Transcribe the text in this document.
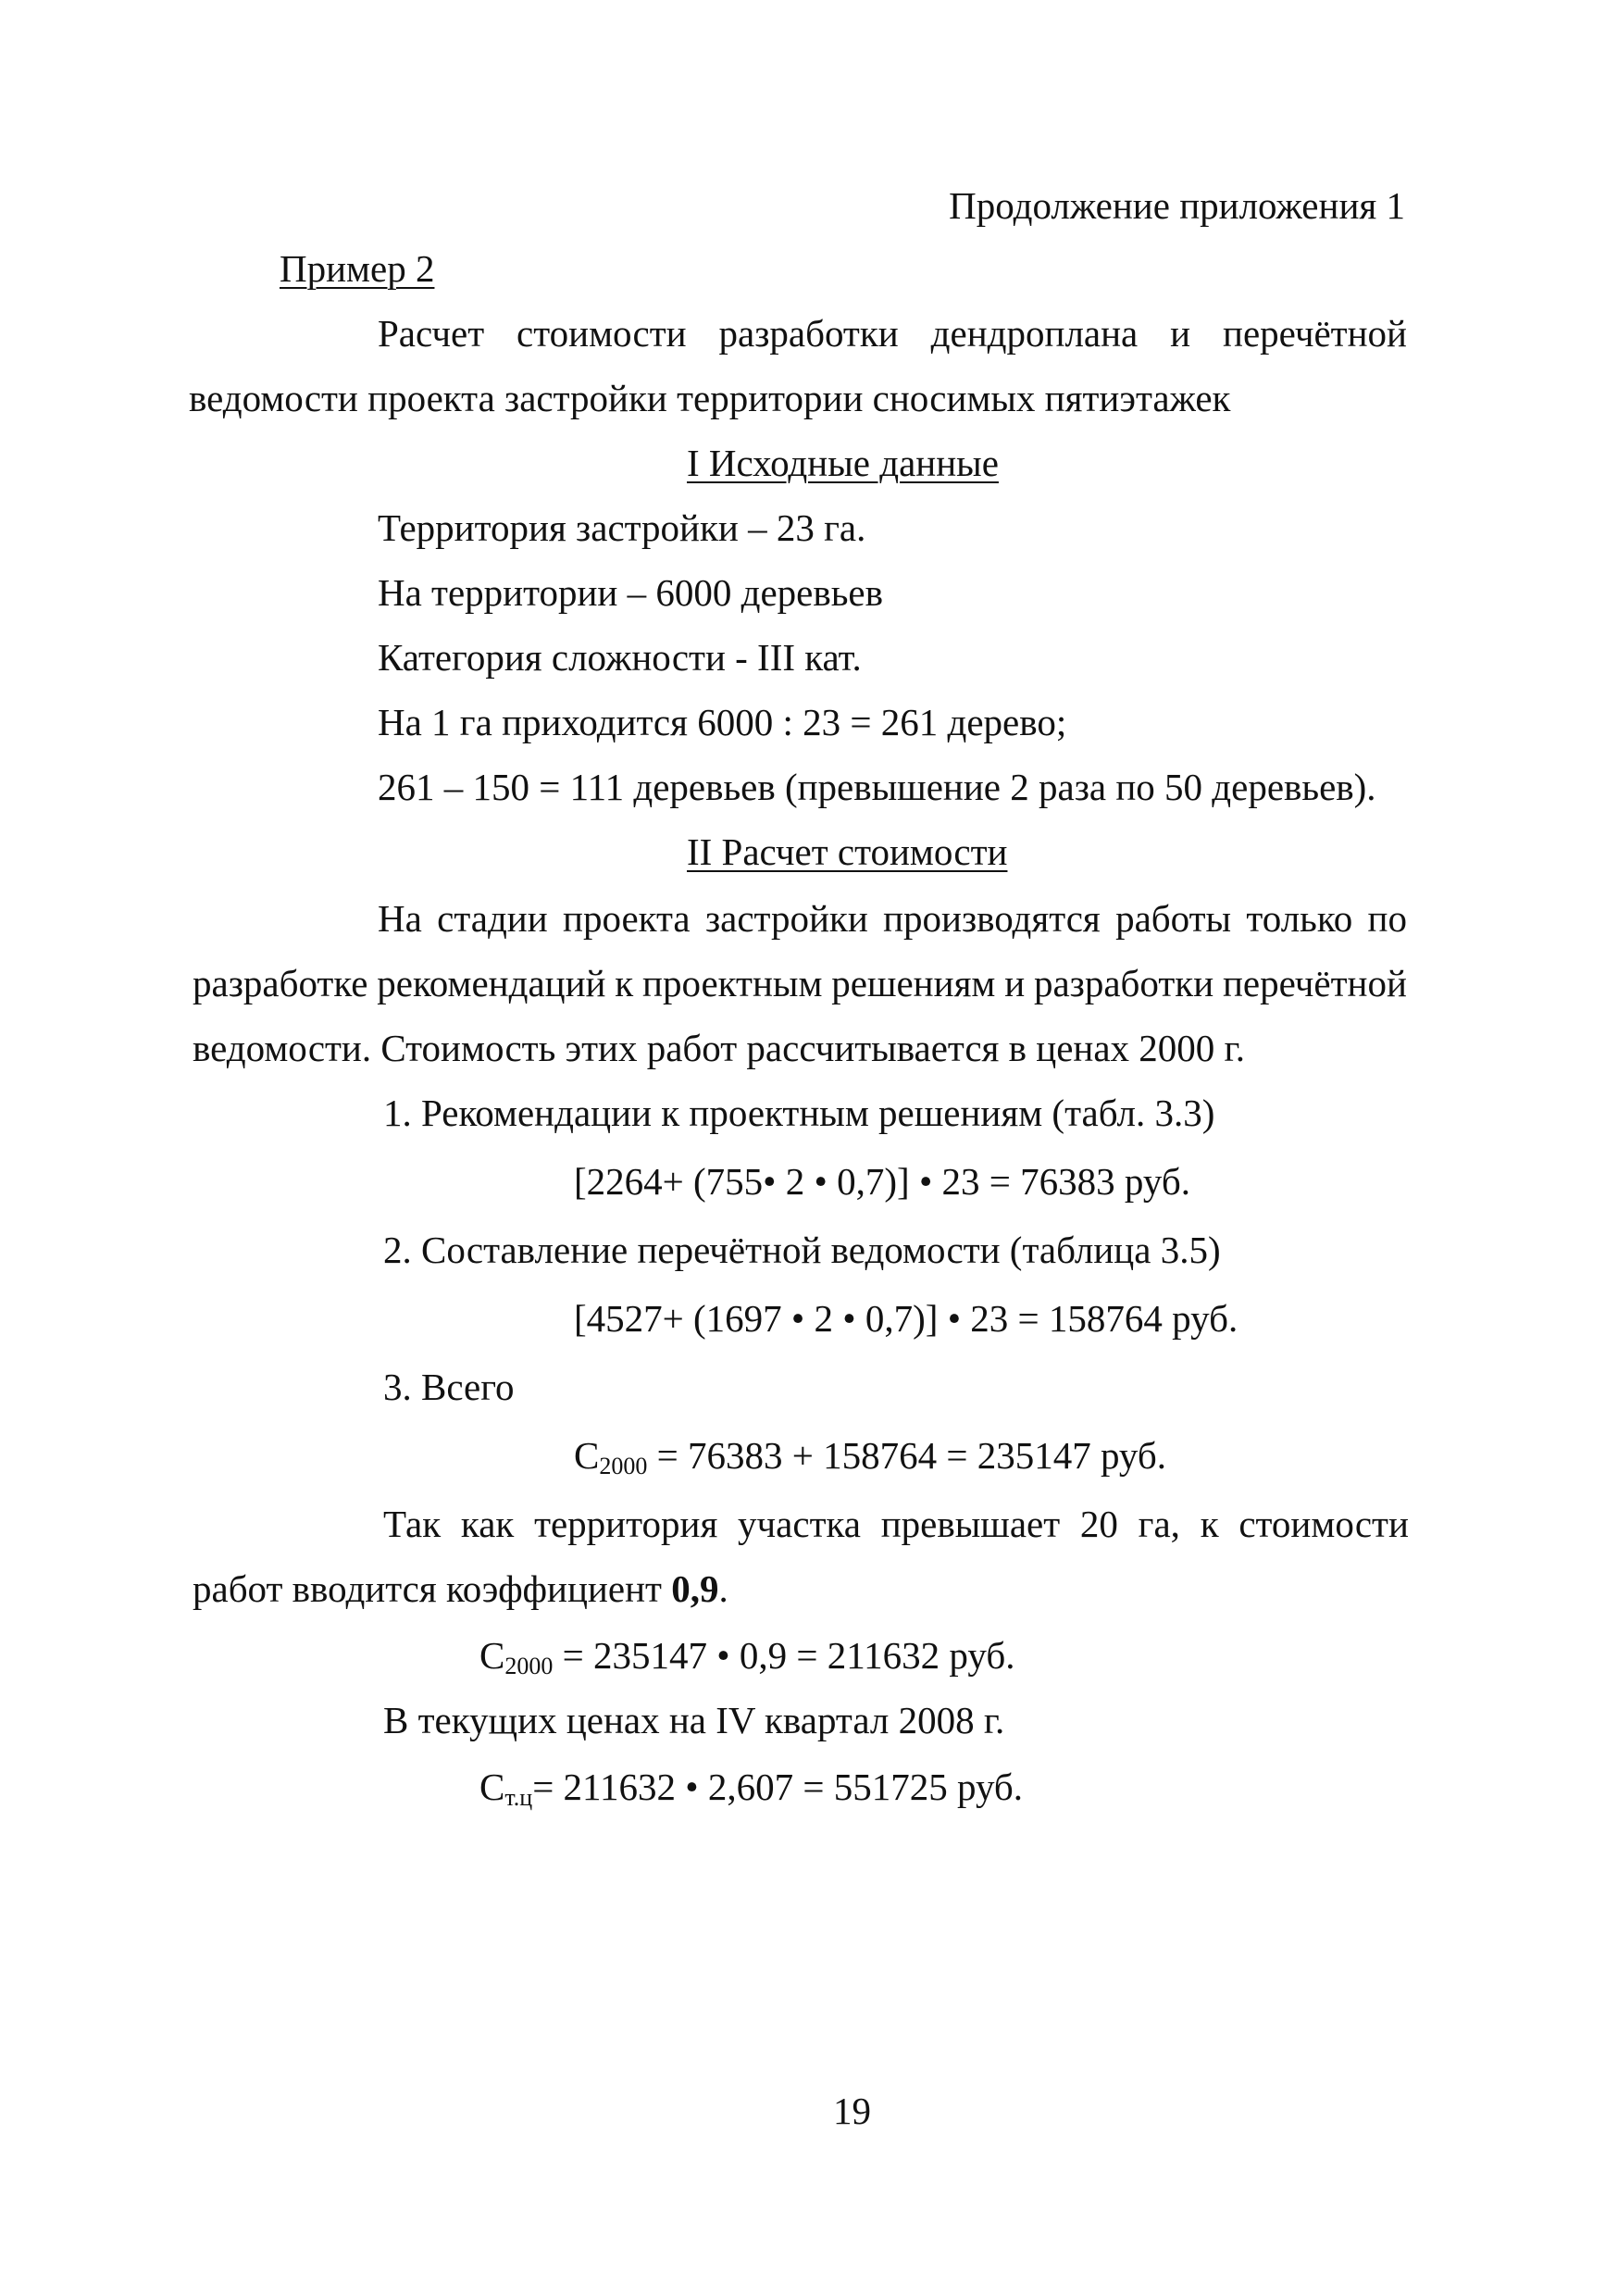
Продолжение приложения 1
Пример 2
Расчет стоимости разработки дендроплана и перечётной
ведомости проекта застройки территории сносимых пятиэтажек
I Исходные данные
Территория застройки – 23 га.
На территории – 6000 деревьев
Категория сложности - III кат.
На 1 га приходится 6000 : 23 = 261 дерево;
261 – 150 = 111 деревьев (превышение 2 раза по 50 деревьев).
II Расчет стоимости
На стадии проекта застройки производятся работы только по
разработке рекомендаций к проектным решениям и разработки перечётной
ведомости. Стоимость этих работ рассчитывается в ценах 2000 г.
1. Рекомендации к проектным решениям (табл. 3.3)
[2264+ (755• 2 • 0,7)] • 23 = 76383 руб.
2. Составление перечётной ведомости (таблица 3.5)
[4527+ (1697 • 2 • 0,7)] • 23 = 158764 руб.
3. Всего
$C_{2000} = 76383 + 158764 = 235147$ руб.
Так как территория участка превышает 20 га, к стоимости
работ вводится коэффициент 0,9.
$C_{2000} = 235147$ • 0,9 = 211632 руб.
В текущих ценах на IV квартал 2008 г.
$C_{т.ц}= 211632$ • 2,607 = 551725 руб.
19
